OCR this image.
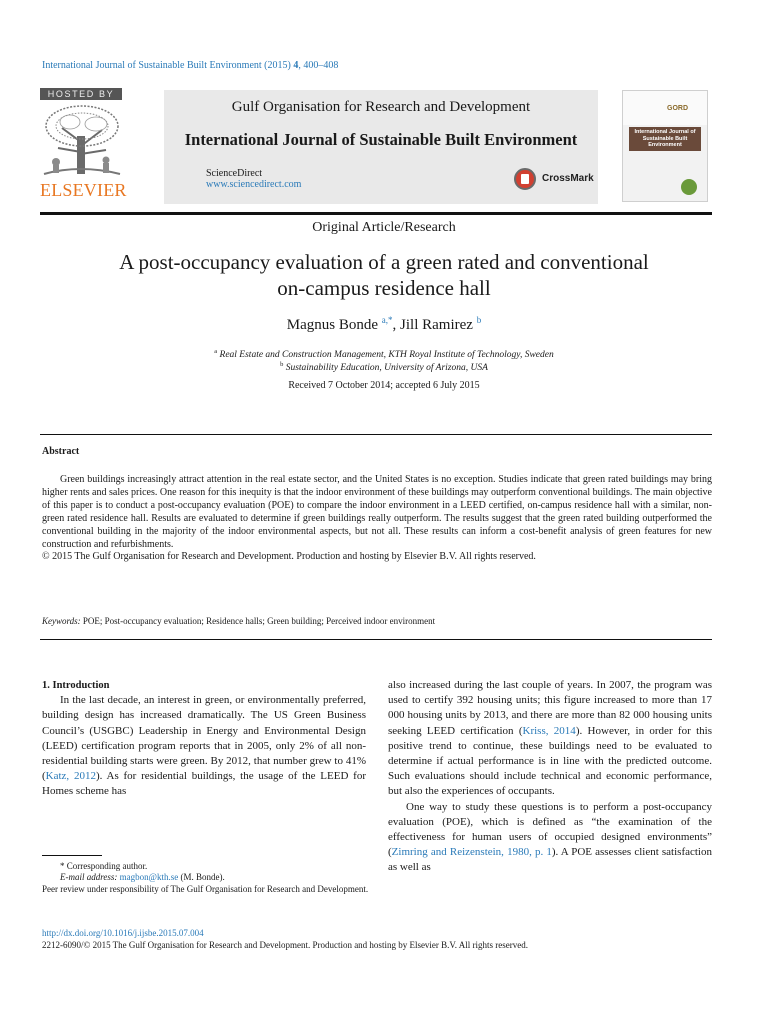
International Journal of Sustainable Built Environment (2015) 4, 400–408
HOSTED BY
ELSEVIER
Gulf Organisation for Research and Development
International Journal of Sustainable Built Environment
ScienceDirect
www.sciencedirect.com
CrossMark
GORD
International Journal of Sustainable Built Environment
Original Article/Research
A post-occupancy evaluation of a green rated and conventional
on-campus residence hall
Magnus Bonde $^{a,*}$, Jill Ramirez $^b$
$^a$ Real Estate and Construction Management, KTH Royal Institute of Technology, Sweden
$^b$ Sustainability Education, University of Arizona, USA
Received 7 October 2014; accepted 6 July 2015
Abstract

Green buildings increasingly attract attention in the real estate sector, and the United States is no exception. Studies indicate that green rated buildings may bring higher rents and sales prices. One reason for this inequity is that the indoor environment of these buildings may outperform conventional buildings. The main objective of this paper is to conduct a post-occupancy evaluation (POE) to compare the indoor environment in a LEED certified, on-campus residence hall with a similar, non-green rated residence hall. Results are evaluated to determine if green buildings really outperform. The results suggest that the green rated building outperformed the conventional building in the majority of the indoor environmental aspects, but not all. These results can inform a cost-benefit analysis of green features for new construction and refurbishments.

© 2015 The Gulf Organisation for Research and Development. Production and hosting by Elsevier B.V. All rights reserved.

Keywords: POE; Post-occupancy evaluation; Residence halls; Green building; Perceived indoor environment

1. Introduction

In the last decade, an interest in green, or environmentally preferred, building design has increased dramatically. The US Green Business Council’s (USGBC) Leadership in Energy and Environmental Design (LEED) certification program reports that in 2005, only 2% of all non-residential building starts were green. By 2012, that number grew to 41% (Katz, 2012). As for residential buildings, the usage of the LEED for Homes scheme has

also increased during the last couple of years. In 2007, the program was used to certify 392 housing units; this figure increased to more than 17 000 housing units by 2013, and there are more than 82 000 housing units seeking LEED certification (Kriss, 2014). However, in order for this positive trend to continue, these buildings need to be evaluated to determine if actual performance is in line with the predicted outcome. Such evaluations should include technical and economic performance, but also the experiences of occupants.

One way to study these questions is to perform a post-occupancy evaluation (POE), which is defined as “the examination of the effectiveness for human users of occupied designed environments” (Zimring and Reizenstein, 1980, p. 1). A POE assesses client satisfaction as well as

* Corresponding author.

E-mail address: magbon@kth.se (M. Bonde).

Peer review under responsibility of The Gulf Organisation for Research and Development.

http://dx.doi.org/10.1016/j.ijsbe.2015.07.004
2212-6090/© 2015 The Gulf Organisation for Research and Development. Production and hosting by Elsevier B.V. All rights reserved.
